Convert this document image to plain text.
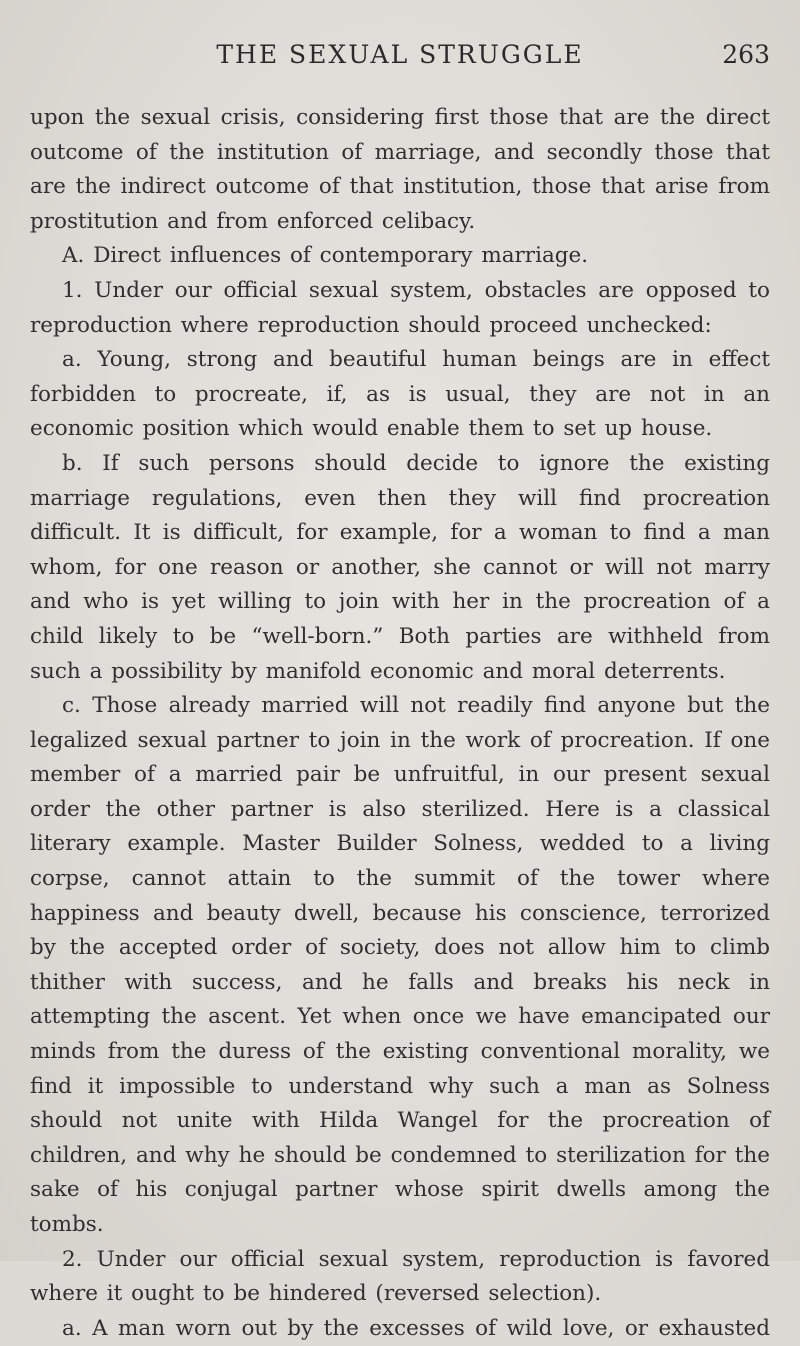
THE SEXUAL STRUGGLE	263

upon the sexual crisis, considering first those that are the direct outcome of the institution of marriage, and secondly those that are the indirect outcome of that institution, those that arise from prostitution and from enforced celibacy.

A. Direct influences of contemporary marriage.

1. Under our official sexual system, obstacles are opposed to reproduction where reproduction should proceed unchecked:

a. Young, strong and beautiful human beings are in effect forbidden to procreate, if, as is usual, they are not in an economic position which would enable them to set up house.

b. If such persons should decide to ignore the existing marriage regulations, even then they will find procreation difficult. It is difficult, for example, for a woman to find a man whom, for one reason or another, she cannot or will not marry and who is yet willing to join with her in the procreation of a child likely to be “well-born.” Both parties are withheld from such a possibility by manifold economic and moral deterrents.

c. Those already married will not readily find anyone but the legalized sexual partner to join in the work of procreation. If one member of a married pair be unfruitful, in our present sexual order the other partner is also sterilized. Here is a classical literary example. Master Builder Solness, wedded to a living corpse, cannot attain to the summit of the tower where happiness and beauty dwell, because his conscience, terrorized by the accepted order of society, does not allow him to climb thither with success, and he falls and breaks his neck in attempting the ascent. Yet when once we have emancipated our minds from the duress of the existing conventional morality, we find it impossible to understand why such a man as Solness should not unite with Hilda Wangel for the procreation of children, and why he should be condemned to sterilization for the sake of his conjugal partner whose spirit dwells among the tombs.

2. Under our official sexual system, reproduction is favored where it ought to be hindered (reversed selection).

a. A man worn out by the excesses of wild love, or exhausted
